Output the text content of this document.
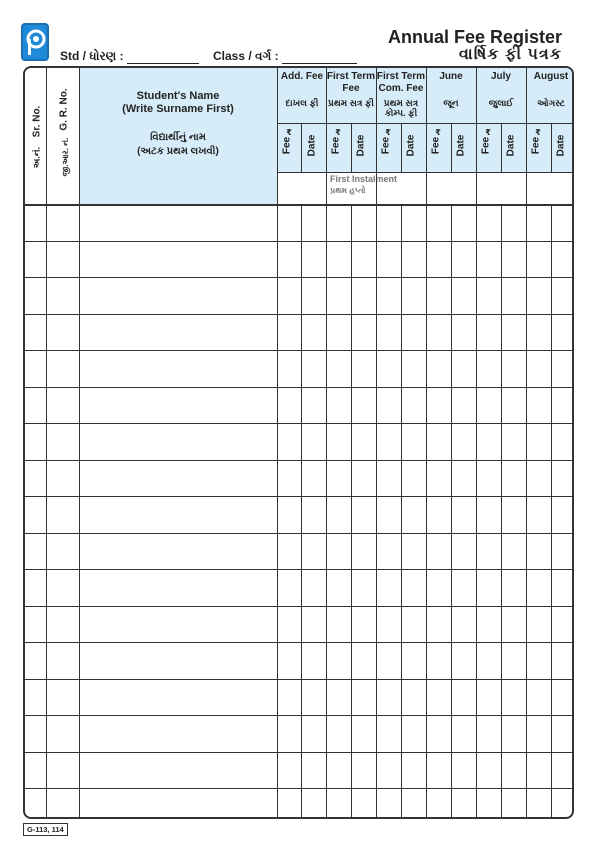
Std / ધોરણ :	Class / વર્ગ :
Annual Fee Register
વાર્ષિક ફી પત્રક
Sr. No.
અ.નં.
G. R. No.
જી.આર. નં.
Student's Name
(Write Surname First)
વિદ્યાર્થીનું નામ
(અટક પ્રથમ લખવી)
First Instalment
પ્રથમ હપ્તો
Add. Fee
દાખલ ફી
Fee
₹
Date
First Term Fee
પ્રથમ સત્ર ફી
Fee
₹
Date
First Term Com. Fee
પ્રથમ સત્ર કોમ્પ. ફી
Fee
₹
Date
June
જૂન
Fee
₹
Date
July
જુલાઈ
Fee
₹
Date
August
ઓગસ્ટ
Fee
₹
Date
G-113, 114
